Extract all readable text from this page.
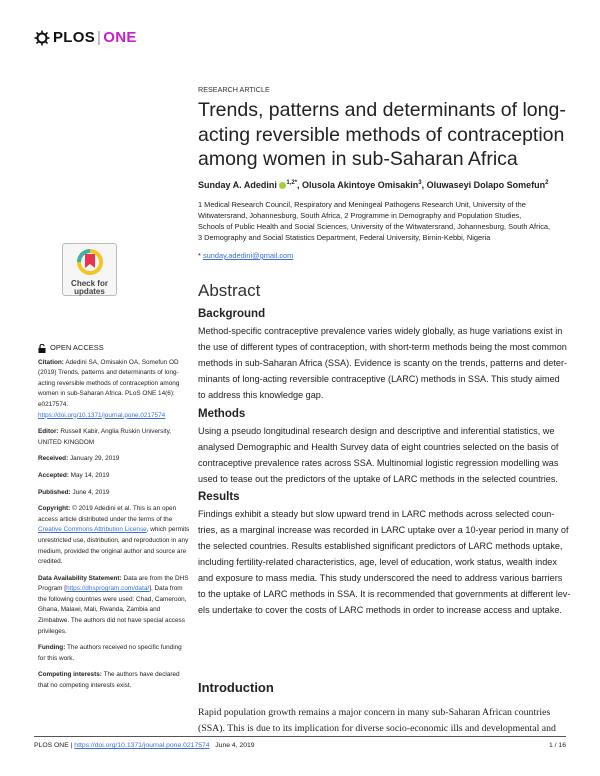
PLOS | ONE
Check for
updates

OPEN ACCESS

Citation: Adedini SA, Omisakin OA, Somefun OD (2019) Trends, patterns and determinants of long-acting reversible methods of contraception among women in sub-Saharan Africa. PLoS ONE 14(6): e0217574. https://doi.org/10.1371/journal.pone.0217574

Editor: Russell Kabir, Anglia Ruskin University, UNITED KINGDOM

Received: January 29, 2019

Accepted: May 14, 2019

Published: June 4, 2019

Copyright: © 2019 Adedini et al. This is an open access article distributed under the terms of the Creative Commons Attribution License, which permits unrestricted use, distribution, and reproduction in any medium, provided the original author and source are credited.

Data Availability Statement: Data are from the DHS Program [https://dhsprogram.com/data/]. Data from the following countries were used: Chad, Cameroon, Ghana, Malawi, Mali, Rwanda, Zambia and Zimbabwe. The authors did not have special access privileges.

Funding: The authors received no specific funding for this work.

Competing interests: The authors have declared that no competing interests exist.

RESEARCH ARTICLE
Trends, patterns and determinants of long-
acting reversible methods of contraception
among women in sub-Saharan Africa
Sunday A. Adedini $^{1,2*}$, Olusola Akintoye Omisakin$^3$, Oluwaseyi Dolapo Somefun$^2$
1 Medical Research Council, Respiratory and Meningeal Pathogens Research Unit, University of the
Witwatersrand, Johannesburg, South Africa, 2 Programme in Demography and Population Studies,
Schools of Public Health and Social Sciences, University of the Witwatersrand, Johannesburg, South Africa,
3 Demography and Social Statistics Department, Federal University, Birnin-Kebbi, Nigeria
* sunday.adedini@gmail.com
Abstract
Background
Method-specific contraceptive prevalence varies widely globally, as huge variations exist in
the use of different types of contraception, with short-term methods being the most common
methods in sub-Saharan Africa (SSA). Evidence is scanty on the trends, patterns and deter-
minants of long-acting reversible contraceptive (LARC) methods in SSA. This study aimed
to address this knowledge gap.
Methods
Using a pseudo longitudinal research design and descriptive and inferential statistics, we
analysed Demographic and Health Survey data of eight countries selected on the basis of
contraceptive prevalence rates across SSA. Multinomial logistic regression modelling was
used to tease out the predictors of the uptake of LARC methods in the selected countries.
Results
Findings exhibit a steady but slow upward trend in LARC methods across selected coun-
tries, as a marginal increase was recorded in LARC uptake over a 10-year period in many of
the selected countries. Results established significant predictors of LARC methods uptake,
including fertility-related characteristics, age, level of education, work status, wealth index
and exposure to mass media. This study underscored the need to address various barriers
to the uptake of LARC methods in SSA. It is recommended that governments at different lev-
els undertake to cover the costs of LARC methods in order to increase access and uptake.
Introduction
Rapid population growth remains a major concern in many sub-Saharan African countries
(SSA). This is due to its implication for diverse socio-economic ills and developmental and
PLOS ONE | https://doi.org/10.1371/journal.pone.0217574 June 4, 2019	1 / 16
